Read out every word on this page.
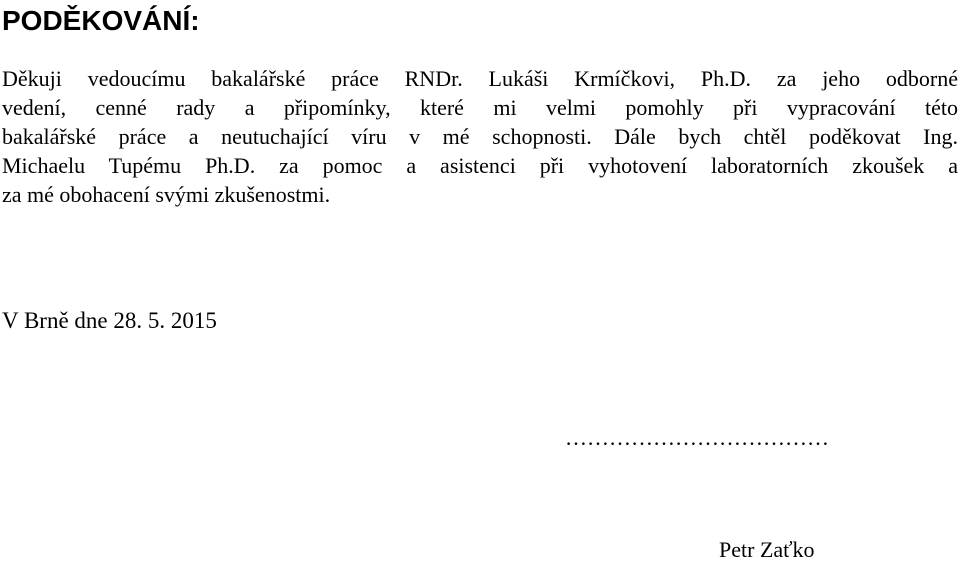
PODĚKOVÁNÍ:
Děkuji vedoucímu bakalářské práce RNDr. Lukáši Krmíčkovi, Ph.D. za jeho odborné
vedení, cenné rady a připomínky, které mi velmi pomohly při vypracování této
bakalářské práce a neutuchající víru v mé schopnosti. Dále bych chtěl poděkovat Ing.
Michaelu Tupému Ph.D. za pomoc a asistenci při vyhotovení laboratorních zkoušek a
za mé obohacení svými zkušenostmi.

V Brně dne 28. 5. 2015

………………………………

Petr Zaťko
